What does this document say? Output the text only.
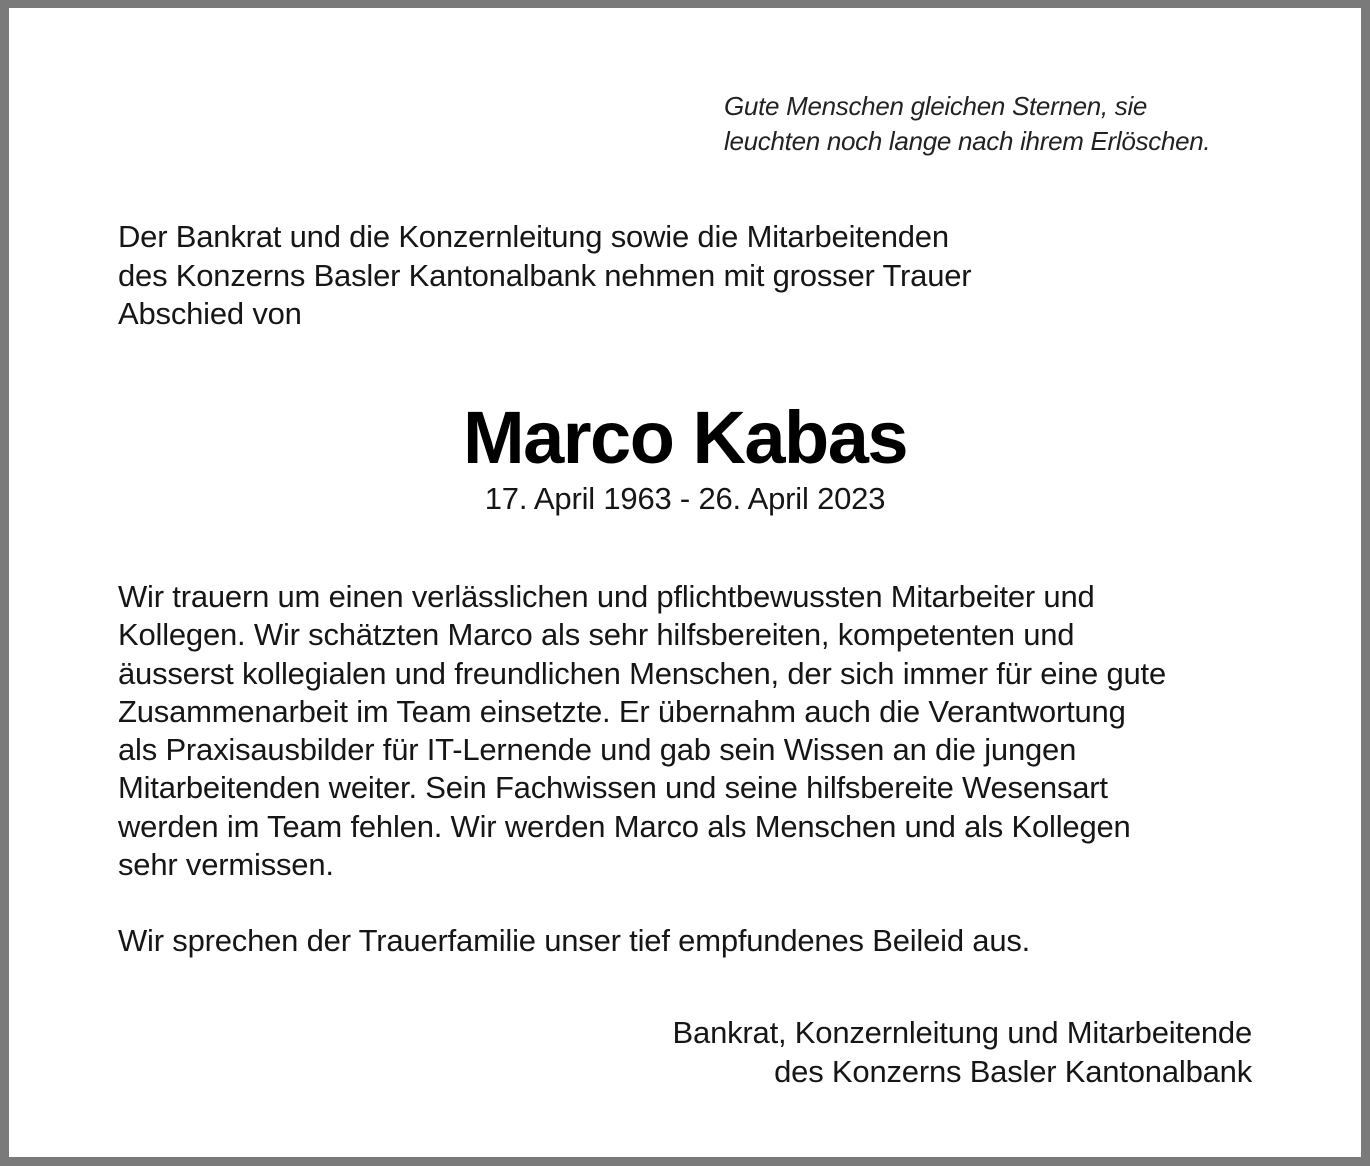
Gute Menschen gleichen Sternen, sie
leuchten noch lange nach ihrem Erlöschen.
Der Bankrat und die Konzernleitung sowie die Mitarbeitenden
des Konzerns Basler Kantonalbank nehmen mit grosser Trauer
Abschied von
Marco Kabas
17. April 1963 - 26. April 2023
Wir trauern um einen verlässlichen und pflichtbewussten Mitarbeiter und
Kollegen. Wir schätzten Marco als sehr hilfsbereiten, kompetenten und
äusserst kollegialen und freundlichen Menschen, der sich immer für eine gute
Zusammenarbeit im Team einsetzte. Er übernahm auch die Verantwortung
als Praxisausbilder für IT-Lernende und gab sein Wissen an die jungen
Mitarbeitenden weiter. Sein Fachwissen und seine hilfsbereite Wesensart
werden im Team fehlen. Wir werden Marco als Menschen und als Kollegen
sehr vermissen.
Wir sprechen der Trauerfamilie unser tief empfundenes Beileid aus.
Bankrat, Konzernleitung und Mitarbeitende
des Konzerns Basler Kantonalbank
